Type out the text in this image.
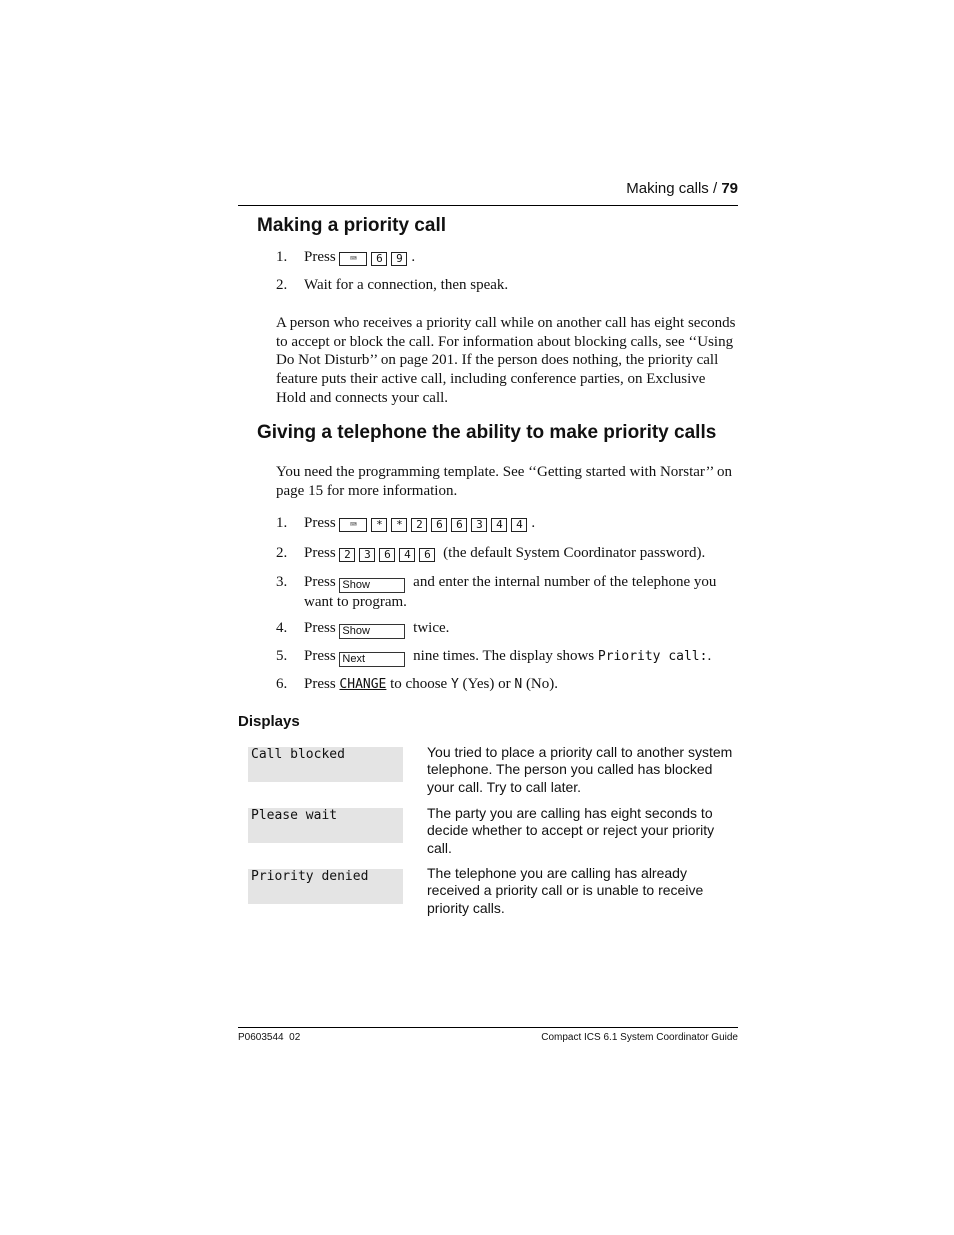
Making calls / 79
Making a priority call
1. Press ⌨ 6 9 .
2. Wait for a connection, then speak.
A person who receives a priority call while on another call has eight seconds to accept or block the call. For information about blocking calls, see ‘‘Using Do Not Disturb’’ on page 201. If the person does nothing, the priority call feature puts their active call, including conference parties, on Exclusive Hold and connects your call.
Giving a telephone the ability to make priority calls
You need the programming template. See ‘‘Getting started with Norstar’’ on page 15 for more information.
1. Press ⌨ * * 2 6 6 3 4 4 .
2. Press 2 3 6 4 6 (the default System Coordinator password).
3. Press Show	and enter the internal number of the telephone you want to program.
4. Press Show	twice.
5. Press Next	nine times. The display shows Priority call:.
6. Press CHANGE to choose Y (Yes) or N (No).
Displays
Call blocked	You tried to place a priority call to another system telephone. The person you called has blocked your call. Try to call later.
Please wait	The party you are calling has eight seconds to decide whether to accept or reject your priority call.
Priority denied	The telephone you are calling has already received a priority call or is unable to receive priority calls.
P0603544  02	Compact ICS 6.1 System Coordinator Guide
